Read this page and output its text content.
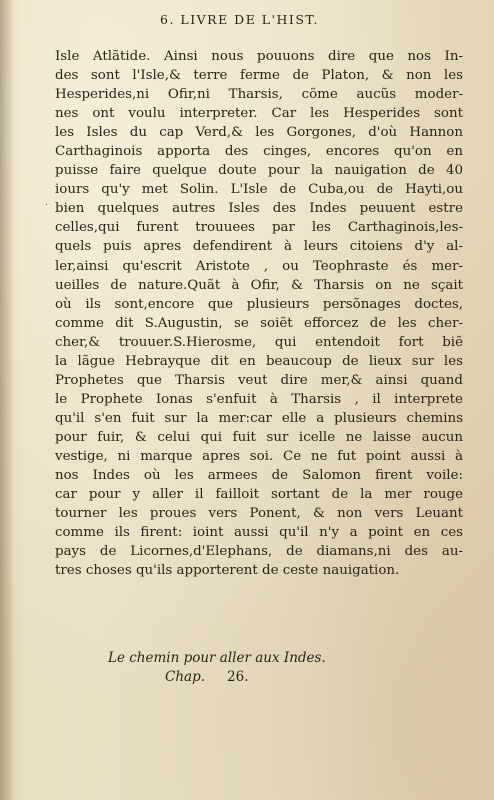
6. LIVRE DE L'HIST.
·
Isle Atlãtide. Ainsi nous pouuons dire que nos In-
des sont l'Isle,& terre ferme de Platon, & non les
Hesperides,ni Ofir,ni Tharsis, cõme aucũs moder-
nes ont voulu interpreter. Car les Hesperides sont
les Isles du cap Verd,& les Gorgones, d'où Hannon
Carthaginois apporta des cinges, encores qu'on en
puisse faire quelque doute pour la nauigation de 40
iours qu'y met Solin. L'Isle de Cuba,ou de Hayti,ou
bien quelques autres Isles des Indes peuuent estre
celles,qui furent trouuees par les Carthaginois,les-
quels puis apres defendirent à leurs citoiens d'y al-
ler,ainsi qu'escrit Aristote , ou Teophraste és mer-
ueilles de nature.Quãt à Ofir, & Tharsis on ne sçait
où ils sont,encore que plusieurs persõnages doctes,
comme dit S.Augustin, se soiẽt efforcez de les cher-
cher,& trouuer.S.Hierosme, qui entendoit fort biẽ
la lãgue Hebrayque dit en beaucoup de lieux sur les
Prophetes que Tharsis veut dire mer,& ainsi quand
le Prophete Ionas s'enfuit à Tharsis , il interprete
qu'il s'en fuit sur la mer:car elle a plusieurs chemins
pour fuir, & celui qui fuit sur icelle ne laisse aucun
vestige, ni marque apres soi. Ce ne fut point aussi à
nos Indes où les armees de Salomon firent voile:
car pour y aller il failloit sortant de la mer rouge
tourner les proues vers Ponent, & non vers Leuant
comme ils firent: ioint aussi qu'il n'y a point en ces
pays de Licornes,d'Elephans, de diamans,ni des au-
tres choses qu'ils apporterent de ceste nauigation.
Le chemin pour aller aux Indes.
Chap. 26.
